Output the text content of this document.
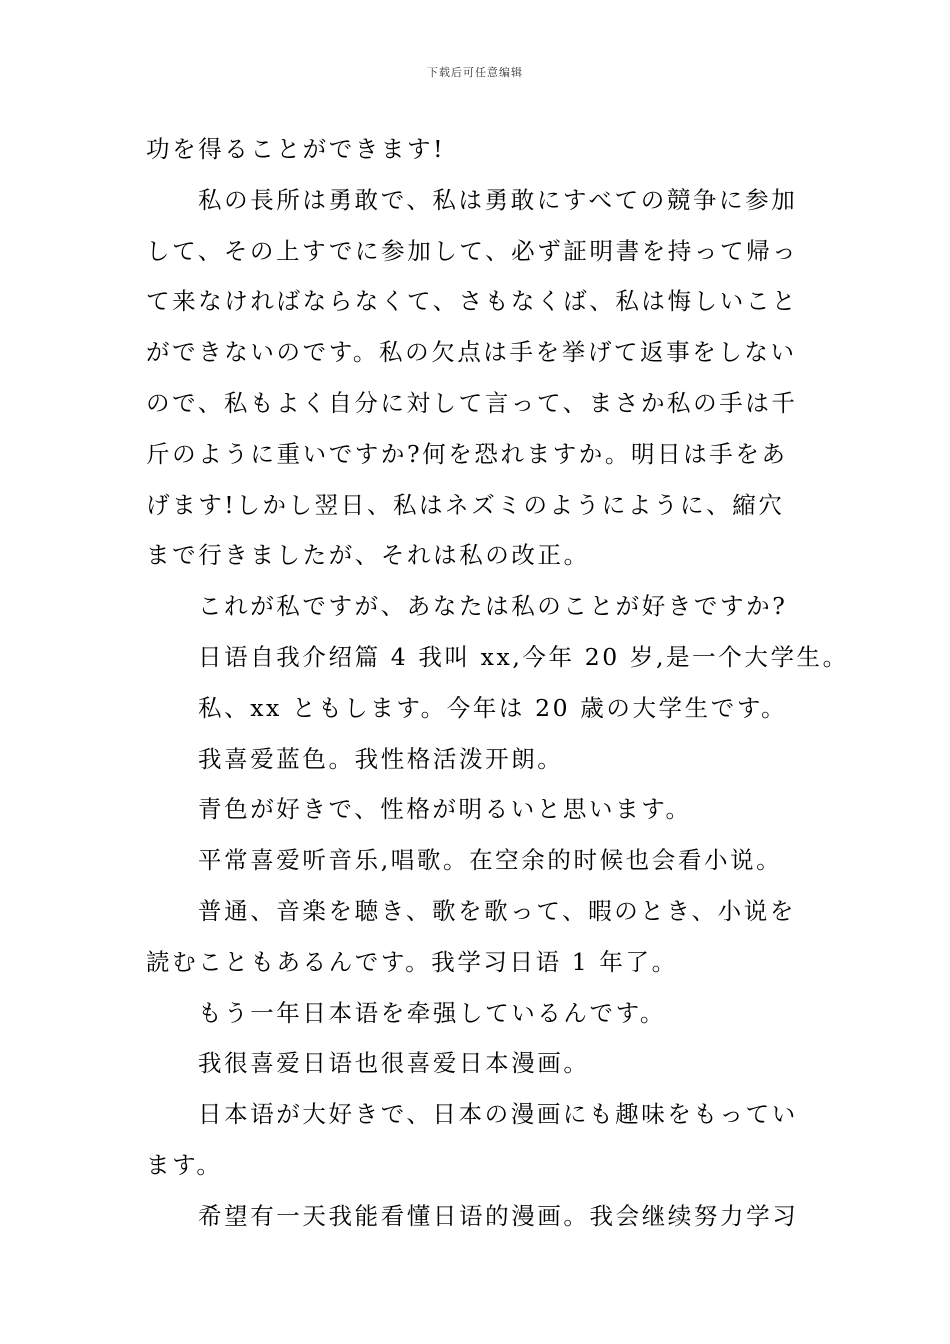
下载后可任意编辑
功を得ることができます!
私の長所は勇敢で、私は勇敢にすべての競争に参加
して、その上すでに参加して、必ず証明書を持って帰っ
て来なければならなくて、さもなくば、私は悔しいこと
ができないのです。私の欠点は手を挙げて返事をしない
ので、私もよく自分に対して言って、まさか私の手は千
斤のように重いですか?何を恐れますか。明日は手をあ
げます!しかし翌日、私はネズミのようにように、縮穴
まで行きましたが、それは私の改正。
これが私ですが、あなたは私のことが好きですか?
日语自我介绍篇 4 我叫 xx,今年 20 岁,是一个大学生。
私、xx ともします。今年は 20 歳の大学生です。
我喜爱蓝色。我性格活泼开朗。
青色が好きで、性格が明るいと思います。
平常喜爱听音乐,唱歌。在空余的时候也会看小说。
普通、音楽を聴き、歌を歌って、暇のとき、小说を
読むこともあるんです。我学习日语 1 年了。
もう一年日本语を牵强しているんです。
我很喜爱日语也很喜爱日本漫画。
日本语が大好きで、日本の漫画にも趣味をもってい
ます。
希望有一天我能看懂日语的漫画。我会继续努力学习
